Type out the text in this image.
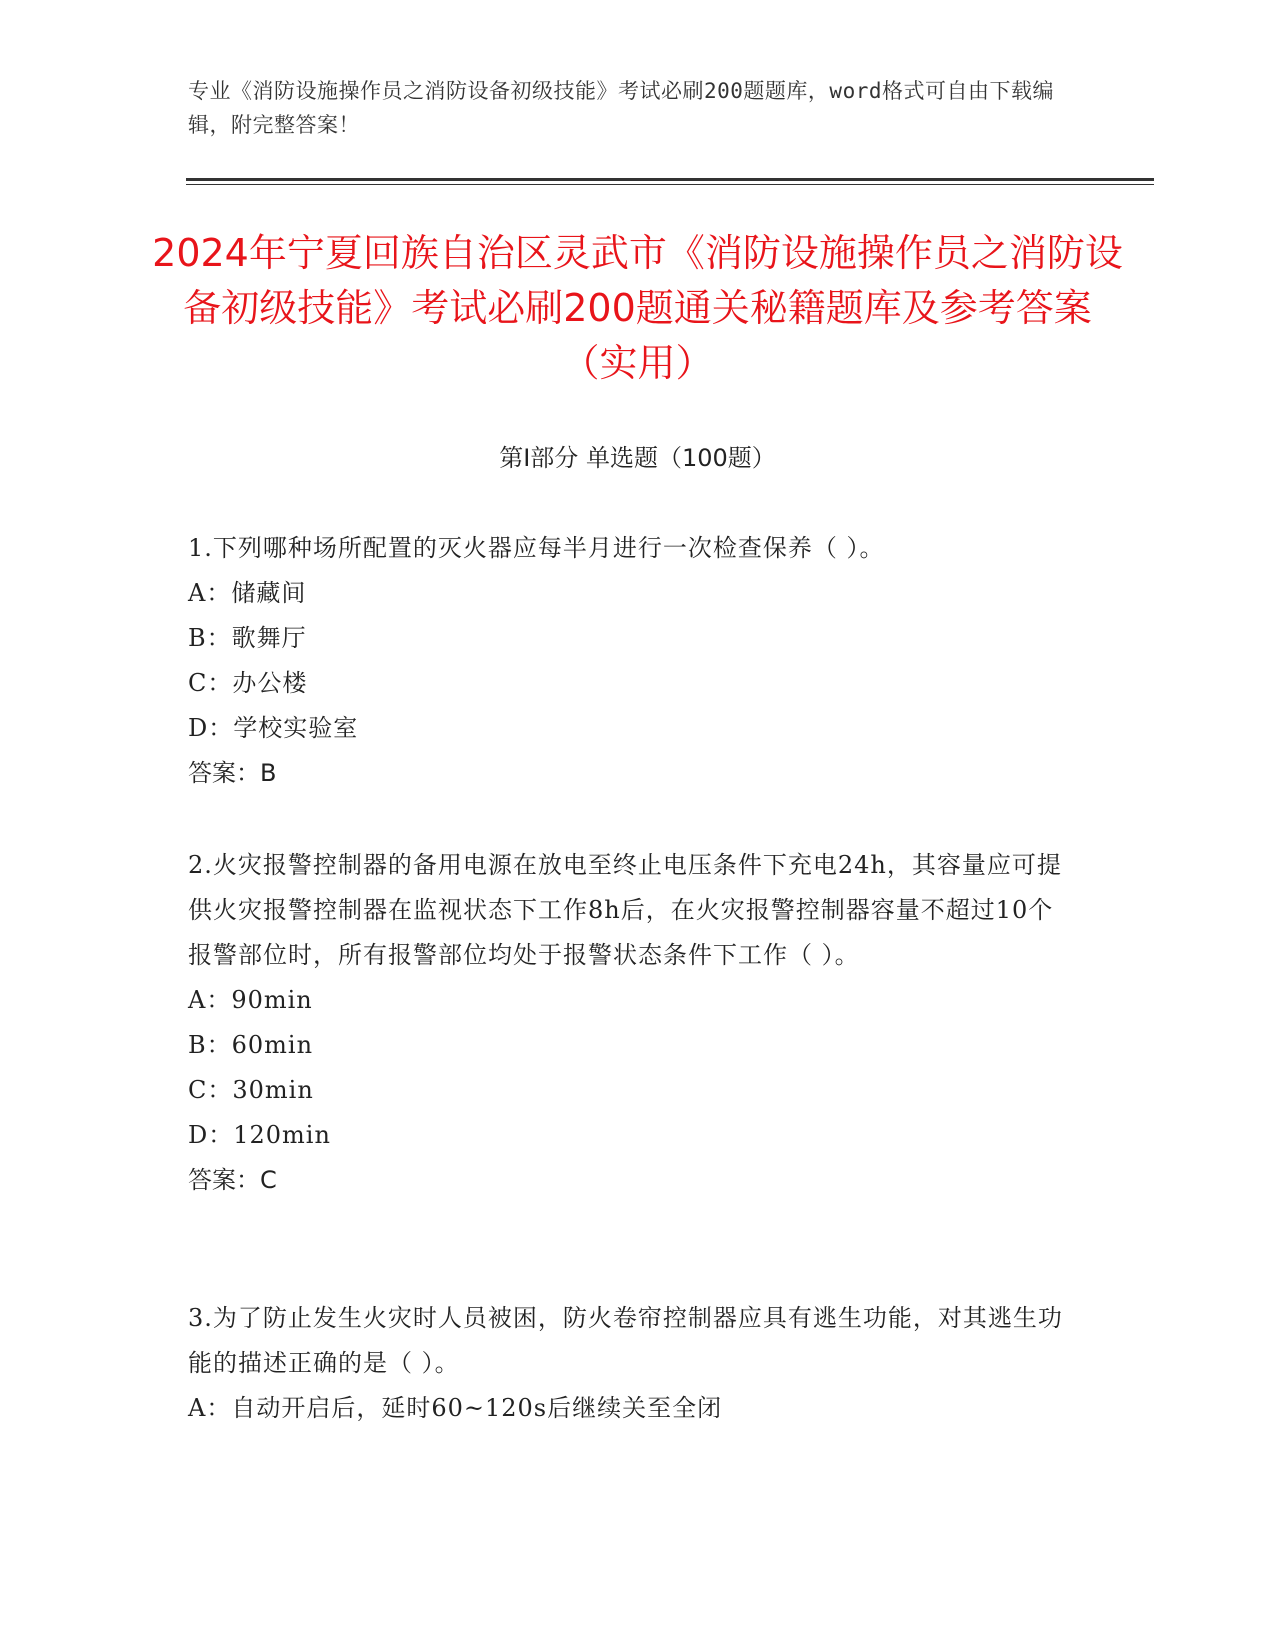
专业《消防设施操作员之消防设备初级技能》考试必刷200题题库，word格式可自由下载编辑，附完整答案！
2024年宁夏回族自治区灵武市《消防设施操作员之消防设备初级技能》考试必刷200题通关秘籍题库及参考答案（实用）
第Ⅰ部分 单选题（100题）
1.下列哪种场所配置的灭火器应每半月进行一次检查保养（ ）。
A：储藏间
B：歌舞厅
C：办公楼
D：学校实验室
答案：B
2.火灾报警控制器的备用电源在放电至终止电压条件下充电24h，其容量应可提供火灾报警控制器在监视状态下工作8h后，在火灾报警控制器容量不超过10个报警部位时，所有报警部位均处于报警状态条件下工作（ ）。
A：90min
B：60min
C：30min
D：120min
答案：C
3.为了防止发生火灾时人员被困，防火卷帘控制器应具有逃生功能，对其逃生功能的描述正确的是（ ）。
A：自动开启后，延时60~120s后继续关至全闭
